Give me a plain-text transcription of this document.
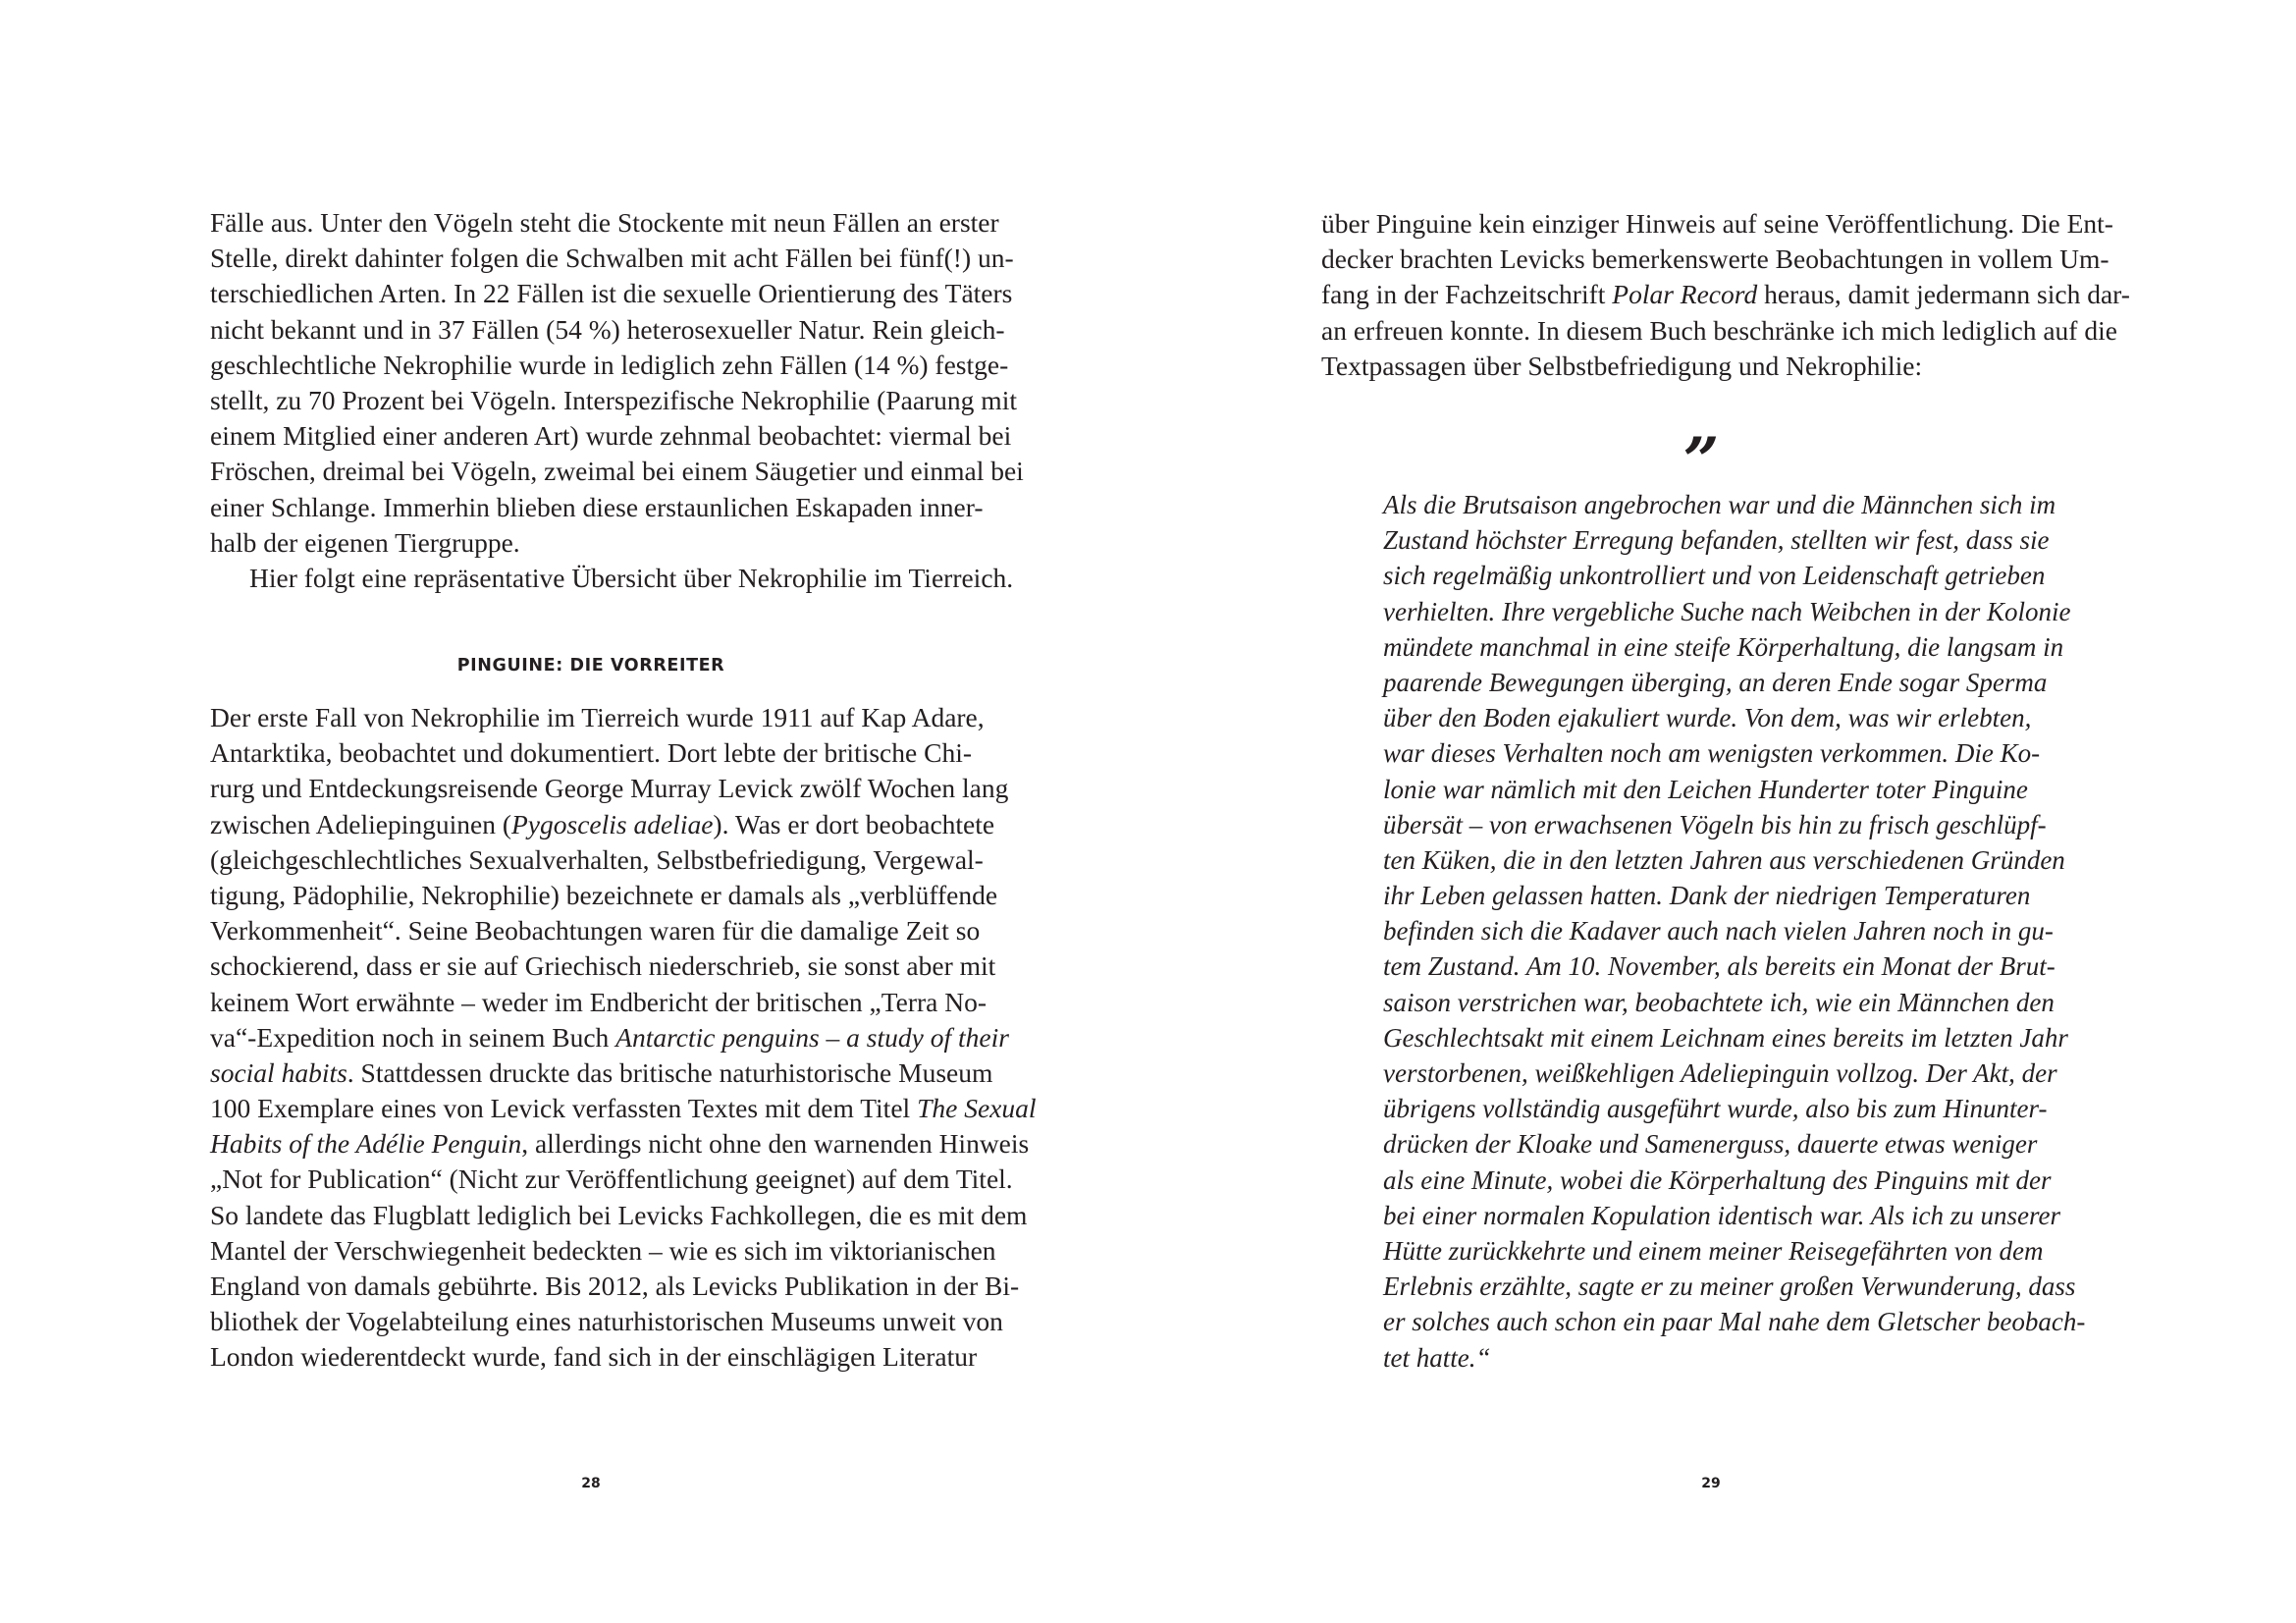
Fälle aus. Unter den Vögeln steht die Stockente mit neun Fällen an erster
Stelle, direkt dahinter folgen die Schwalben mit acht Fällen bei fünf(!) un-
terschiedlichen Arten. In 22 Fällen ist die sexuelle Orientierung des Täters
nicht bekannt und in 37 Fällen (54 %) heterosexueller Natur. Rein gleich-
geschlechtliche Nekrophilie wurde in lediglich zehn Fällen (14 %) festge-
stellt, zu 70 Prozent bei Vögeln. Interspezifische Nekrophilie (Paarung mit
einem Mitglied einer anderen Art) wurde zehnmal beobachtet: viermal bei
Fröschen, dreimal bei Vögeln, zweimal bei einem Säugetier und einmal bei
einer Schlange. Immerhin blieben diese erstaunlichen Eskapaden inner-
halb der eigenen Tiergruppe.
Hier folgt eine repräsentative Übersicht über Nekrophilie im Tierreich.
PINGUINE: DIE VORREITER
Der erste Fall von Nekrophilie im Tierreich wurde 1911 auf Kap Adare,
Antarktika, beobachtet und dokumentiert. Dort lebte der britische Chi-
rurg und Entdeckungsreisende George Murray Levick zwölf Wochen lang
zwischen Adeliepinguinen (Pygoscelis adeliae). Was er dort beobachtete
(gleichgeschlechtliches Sexualverhalten, Selbstbefriedigung, Vergewal-
tigung, Pädophilie, Nekrophilie) bezeichnete er damals als „verblüffende
Verkommenheit“. Seine Beobachtungen waren für die damalige Zeit so
schockierend, dass er sie auf Griechisch niederschrieb, sie sonst aber mit
keinem Wort erwähnte – weder im Endbericht der britischen „Terra No-
va“-Expedition noch in seinem Buch Antarctic penguins – a study of their
social habits. Stattdessen druckte das britische naturhistorische Museum
100 Exemplare eines von Levick verfassten Textes mit dem Titel The Sexual
Habits of the Adélie Penguin, allerdings nicht ohne den warnenden Hinweis
„Not for Publication“ (Nicht zur Veröffentlichung geeignet) auf dem Titel.
So landete das Flugblatt lediglich bei Levicks Fachkollegen, die es mit dem
Mantel der Verschwiegenheit bedeckten – wie es sich im viktorianischen
England von damals gebührte. Bis 2012, als Levicks Publikation in der Bi-
bliothek der Vogelabteilung eines naturhistorischen Museums unweit von
London wiederentdeckt wurde, fand sich in der einschlägigen Literatur
28
über Pinguine kein einziger Hinweis auf seine Veröffentlichung. Die Ent-
decker brachten Levicks bemerkenswerte Beobachtungen in vollem Um-
fang in der Fachzeitschrift Polar Record heraus, damit jedermann sich dar-
an erfreuen konnte. In diesem Buch beschränke ich mich lediglich auf die
Textpassagen über Selbstbefriedigung und Nekrophilie:
”
Als die Brutsaison angebrochen war und die Männchen sich im
Zustand höchster Erregung befanden, stellten wir fest, dass sie
sich regelmäßig unkontrolliert und von Leidenschaft getrieben
verhielten. Ihre vergebliche Suche nach Weibchen in der Kolonie
mündete manchmal in eine steife Körperhaltung, die langsam in
paarende Bewegungen überging, an deren Ende sogar Sperma
über den Boden ejakuliert wurde. Von dem, was wir erlebten,
war dieses Verhalten noch am wenigsten verkommen. Die Ko-
lonie war nämlich mit den Leichen Hunderter toter Pinguine
übersät – von erwachsenen Vögeln bis hin zu frisch geschlüpf-
ten Küken, die in den letzten Jahren aus verschiedenen Gründen
ihr Leben gelassen hatten. Dank der niedrigen Temperaturen
befinden sich die Kadaver auch nach vielen Jahren noch in gu-
tem Zustand. Am 10. November, als bereits ein Monat der Brut-
saison verstrichen war, beobachtete ich, wie ein Männchen den
Geschlechtsakt mit einem Leichnam eines bereits im letzten Jahr
verstorbenen, weißkehligen Adeliepinguin vollzog. Der Akt, der
übrigens vollständig ausgeführt wurde, also bis zum Hinunter-
drücken der Kloake und Samenerguss, dauerte etwas weniger
als eine Minute, wobei die Körperhaltung des Pinguins mit der
bei einer normalen Kopulation identisch war. Als ich zu unserer
Hütte zurückkehrte und einem meiner Reisegefährten von dem
Erlebnis erzählte, sagte er zu meiner großen Verwunderung, dass
er solches auch schon ein paar Mal nahe dem Gletscher beobach-
tet hatte.“
29
